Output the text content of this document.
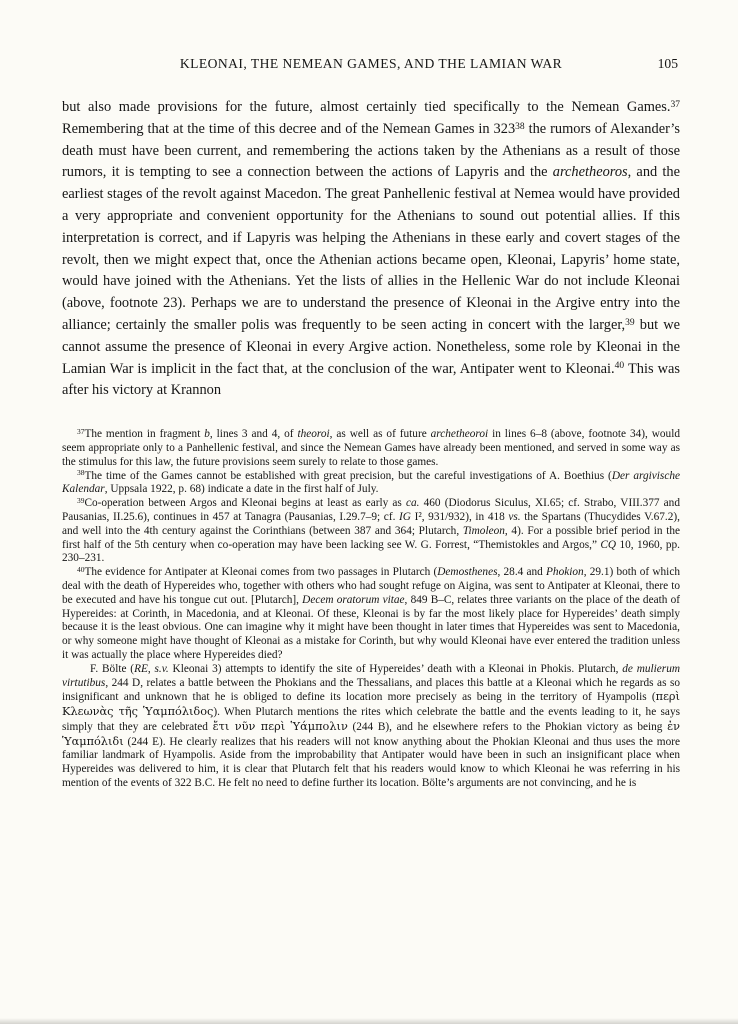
KLEONAI, THE NEMEAN GAMES, AND THE LAMIAN WAR	105

but also made provisions for the future, almost certainly tied specifically to the Nemean Games.$^{37}$ Remembering that at the time of this decree and of the Nemean Games in 323$^{38}$ the rumors of Alexander’s death must have been current, and remembering the actions taken by the Athenians as a result of those rumors, it is tempting to see a connection between the actions of Lapyris and the archetheoros, and the earliest stages of the revolt against Macedon. The great Panhellenic festival at Nemea would have provided a very appropriate and convenient opportunity for the Athenians to sound out potential allies. If this interpretation is correct, and if Lapyris was helping the Athenians in these early and covert stages of the revolt, then we might expect that, once the Athenian actions became open, Kleonai, Lapyris’ home state, would have joined with the Athenians. Yet the lists of allies in the Hellenic War do not include Kleonai (above, footnote 23). Perhaps we are to understand the presence of Kleonai in the Argive entry into the alliance; certainly the smaller polis was frequently to be seen acting in concert with the larger,$^{39}$ but we cannot assume the presence of Kleonai in every Argive action. Nonetheless, some role by Kleonai in the Lamian War is implicit in the fact that, at the conclusion of the war, Antipater went to Kleonai.$^{40}$ This was after his victory at Krannon

$^{37}$The mention in fragment b, lines 3 and 4, of theoroi, as well as of future archetheoroi in lines 6–8 (above, footnote 34), would seem appropriate only to a Panhellenic festival, and since the Nemean Games have already been mentioned, and served in some way as the stimulus for this law, the future provisions seem surely to relate to those games.

$^{38}$The time of the Games cannot be established with great precision, but the careful investigations of A. Boethius (Der argivische Kalendar, Uppsala 1922, p. 68) indicate a date in the first half of July.

$^{39}$Co-operation between Argos and Kleonai begins at least as early as ca. 460 (Diodorus Siculus, XI.65; cf. Strabo, VIII.377 and Pausanias, II.25.6), continues in 457 at Tanagra (Pausanias, I.29.7–9; cf. IG I², 931/932), in 418 vs. the Spartans (Thucydides V.67.2), and well into the 4th century against the Corinthians (between 387 and 364; Plutarch, Timoleon, 4). For a possible brief period in the first half of the 5th century when co-operation may have been lacking see W. G. Forrest, “Themistokles and Argos,” CQ 10, 1960, pp. 230–231.

$^{40}$The evidence for Antipater at Kleonai comes from two passages in Plutarch (Demosthenes, 28.4 and Phokion, 29.1) both of which deal with the death of Hypereides who, together with others who had sought refuge on Aigina, was sent to Antipater at Kleonai, there to be executed and have his tongue cut out. [Plutarch], Decem oratorum vitae, 849 B–C, relates three variants on the place of the death of Hypereides: at Corinth, in Macedonia, and at Kleonai. Of these, Kleonai is by far the most likely place for Hypereides’ death simply because it is the least obvious. One can imagine why it might have been thought in later times that Hypereides was sent to Macedonia, or why someone might have thought of Kleonai as a mistake for Corinth, but why would Kleonai have ever entered the tradition unless it was actually the place where Hypereides died?

F. Bölte (RE, s.v. Kleonai 3) attempts to identify the site of Hypereides’ death with a Kleonai in Phokis. Plutarch, de mulierum virtutibus, 244 D, relates a battle between the Phokians and the Thessalians, and places this battle at a Kleonai which he regards as so insignificant and unknown that he is obliged to define its location more precisely as being in the territory of Hyampolis (περὶ Κλεωνὰς τῆς Ὑαμπόλιδος). When Plutarch mentions the rites which celebrate the battle and the events leading to it, he says simply that they are celebrated ἔτι νῦν περὶ Ὑάμπολιν (244 B), and he elsewhere refers to the Phokian victory as being ἐν Ὑαμπόλιδι (244 E). He clearly realizes that his readers will not know anything about the Phokian Kleonai and thus uses the more familiar landmark of Hyampolis. Aside from the improbability that Antipater would have been in such an insignificant place when Hypereides was delivered to him, it is clear that Plutarch felt that his readers would know to which Kleonai he was referring in his mention of the events of 322 B.C. He felt no need to define further its location. Bölte’s arguments are not convincing, and he is
